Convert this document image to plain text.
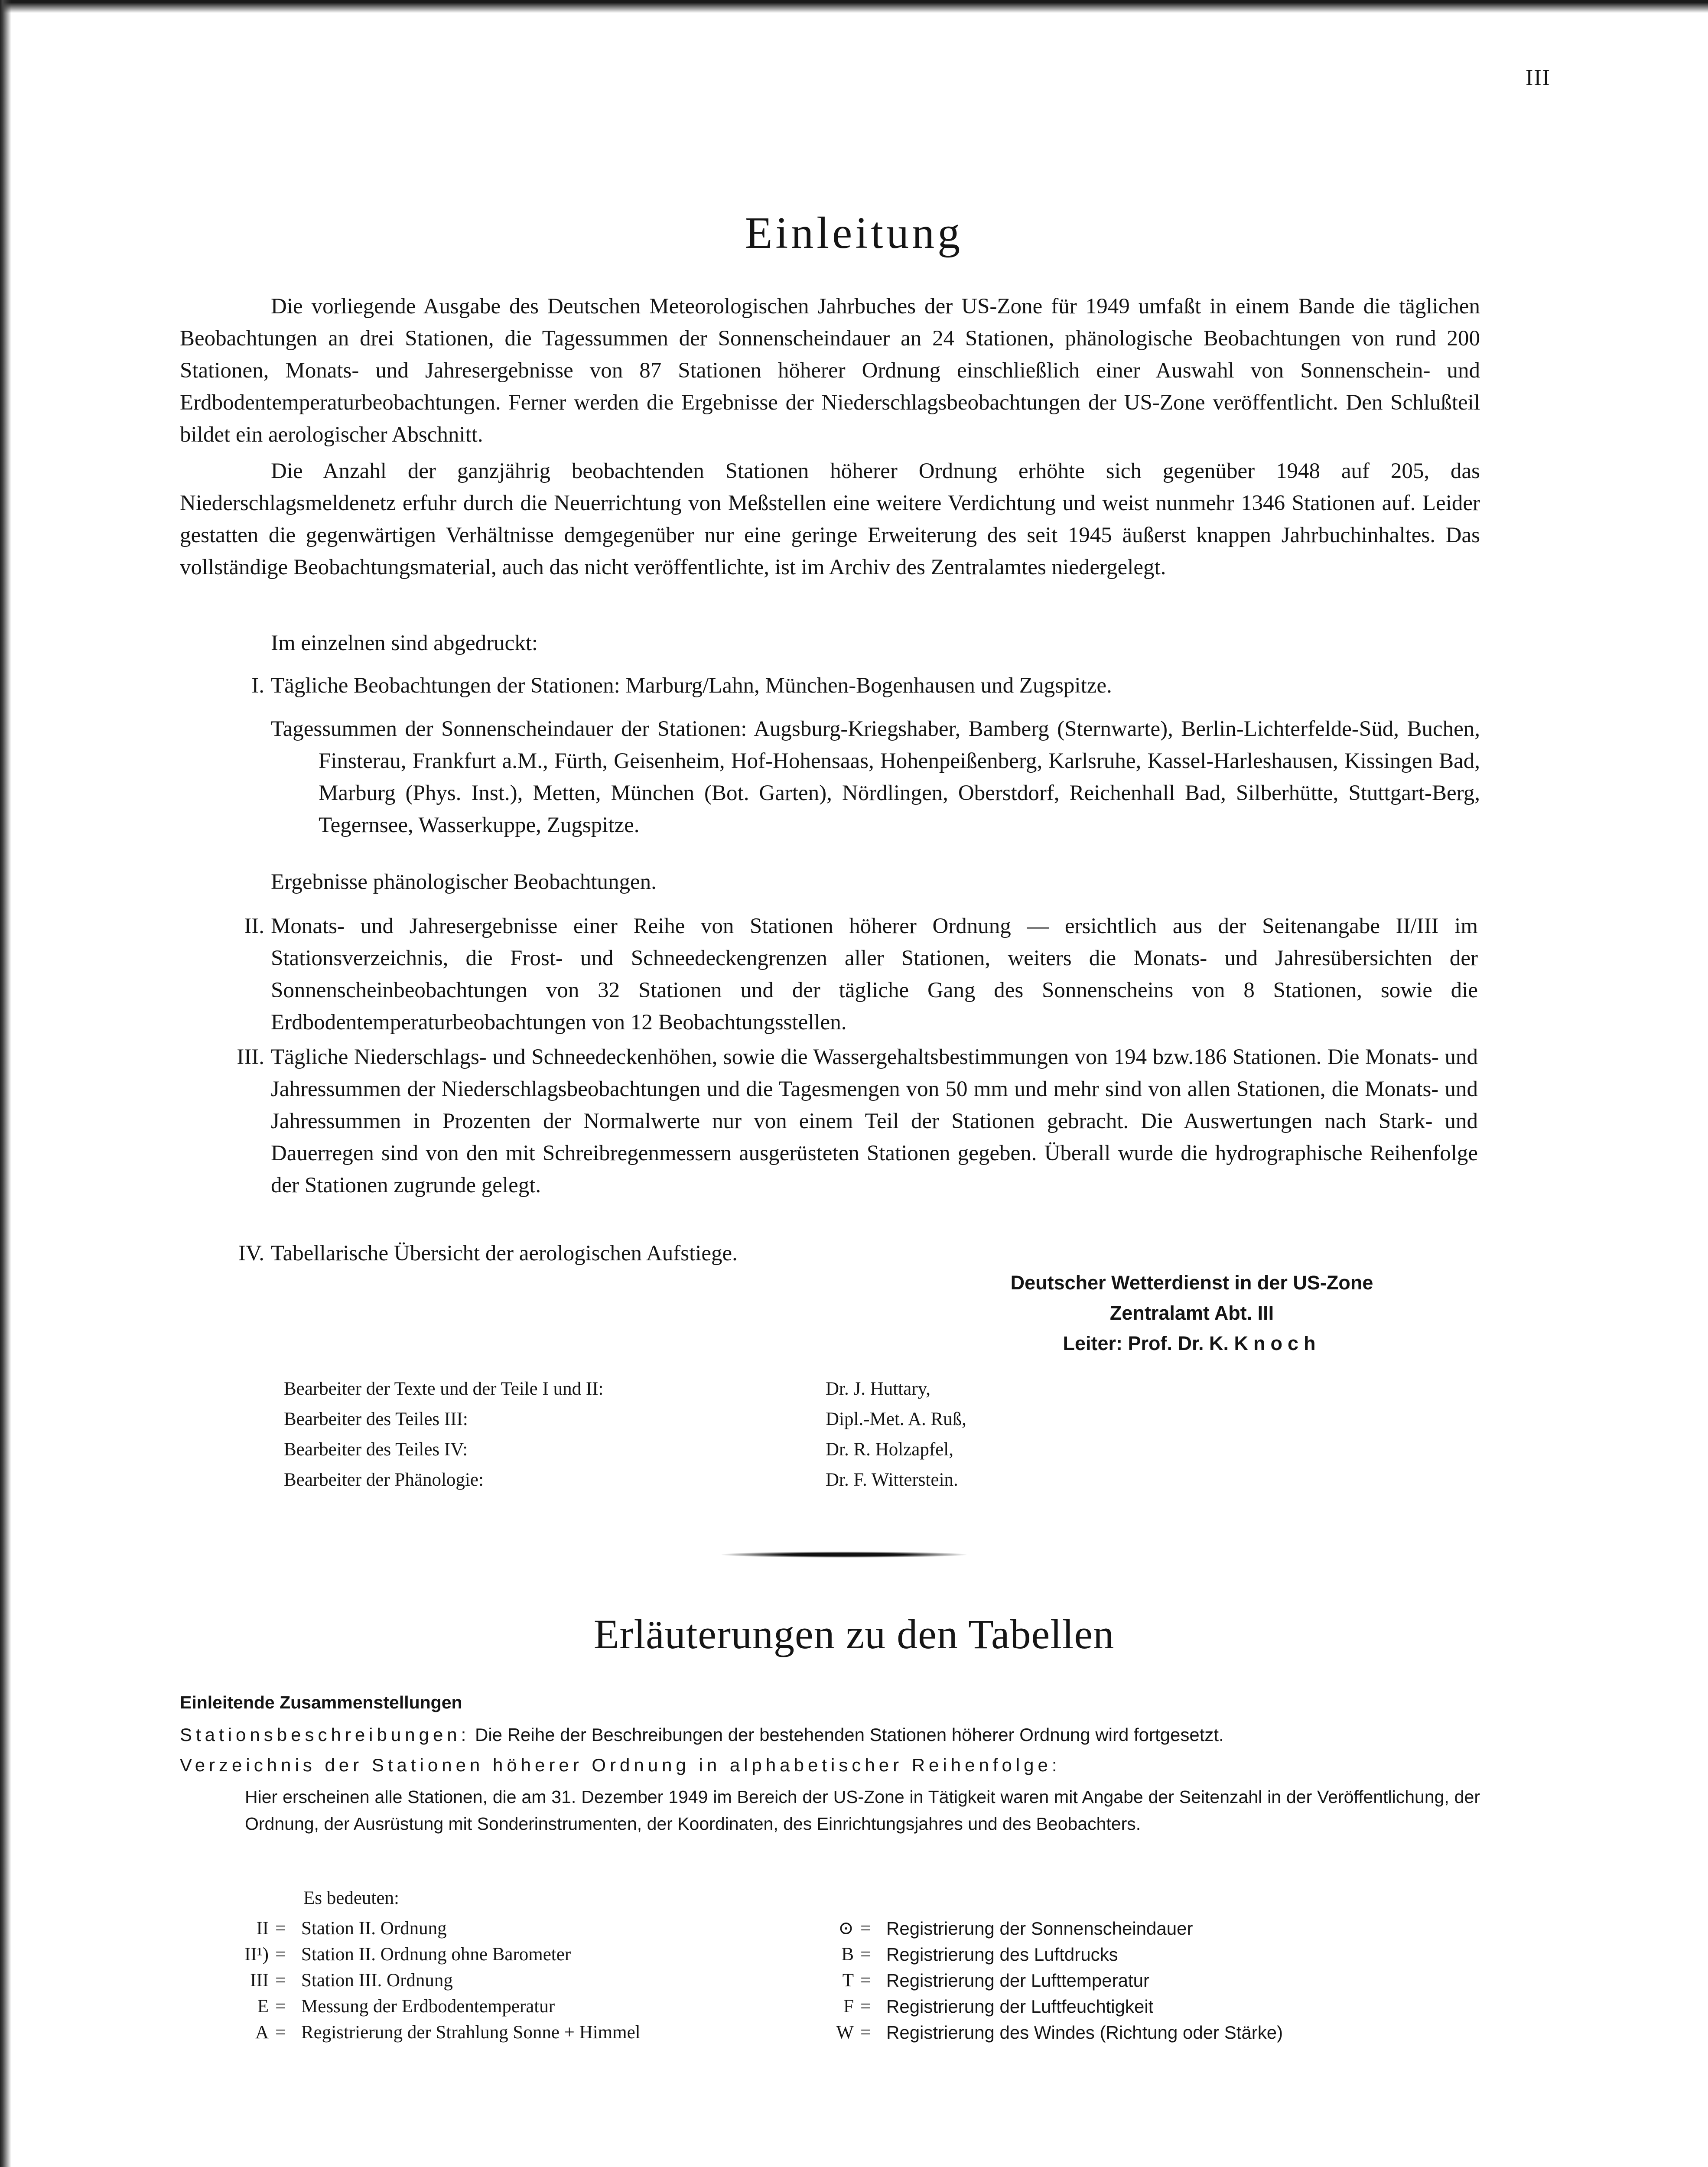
III
Einleitung

Die vorliegende Ausgabe des Deutschen Meteorologischen Jahrbuches der US-Zone für 1949 umfaßt in einem Bande die täglichen Beobachtungen an drei Stationen, die Tagessummen der Sonnenscheindauer an 24 Stationen, phänologische Beobachtungen von rund 200 Stationen, Monats- und Jahresergebnisse von 87 Stationen höherer Ordnung einschließlich einer Auswahl von Sonnenschein- und Erdbodentemperaturbeobachtungen. Ferner werden die Ergebnisse der Niederschlagsbeobachtungen der US-Zone veröffentlicht. Den Schlußteil bildet ein aerologischer Abschnitt.

Die Anzahl der ganzjährig beobachtenden Stationen höherer Ordnung erhöhte sich gegenüber 1948 auf 205, das Niederschlagsmeldenetz erfuhr durch die Neuerrichtung von Meßstellen eine weitere Verdichtung und weist nunmehr 1346 Stationen auf. Leider gestatten die gegenwärtigen Verhältnisse demgegenüber nur eine geringe Erweiterung des seit 1945 äußerst knappen Jahrbuchinhaltes. Das vollständige Beobachtungsmaterial, auch das nicht veröffentlichte, ist im Archiv des Zentralamtes niedergelegt.

Im einzelnen sind abgedruckt:

I. Tägliche Beobachtungen der Stationen: Marburg/Lahn, München-Bogenhausen und Zugspitze.

Tagessummen der Sonnenscheindauer der Stationen: Augsburg-Kriegshaber, Bamberg (Sternwarte), Berlin-Lichterfelde-Süd, Buchen, Finsterau, Frankfurt a.M., Fürth, Geisenheim, Hof-Hohensaas, Hohenpeißenberg, Karlsruhe, Kassel-Harleshausen, Kissingen Bad, Marburg (Phys. Inst.), Metten, München (Bot. Garten), Nördlingen, Oberstdorf, Reichenhall Bad, Silberhütte, Stuttgart-Berg, Tegernsee, Wasserkuppe, Zugspitze.

Ergebnisse phänologischer Beobachtungen.
II. Monats- und Jahresergebnisse einer Reihe von Stationen höherer Ordnung — ersichtlich aus der Seitenangabe II/III im Stationsverzeichnis, die Frost- und Schneedeckengrenzen aller Stationen, weiters die Monats- und Jahresübersichten der Sonnenscheinbeobachtungen von 32 Stationen und der tägliche Gang des Sonnenscheins von 8 Stationen, sowie die Erdbodentemperaturbeobachtungen von 12 Beobachtungsstellen.
III. Tägliche Niederschlags- und Schneedeckenhöhen, sowie die Wassergehaltsbestimmungen von 194 bzw.186 Stationen. Die Monats- und Jahressummen der Niederschlagsbeobachtungen und die Tagesmengen von 50 mm und mehr sind von allen Stationen, die Monats- und Jahressummen in Prozenten der Normalwerte nur von einem Teil der Stationen gebracht. Die Auswertungen nach Stark- und Dauerregen sind von den mit Schreibregenmessern ausgerüsteten Stationen gegeben. Überall wurde die hydrographische Reihenfolge der Stationen zugrunde gelegt.
IV. Tabellarische Übersicht der aerologischen Aufstiege.
Deutscher Wetterdienst in der US-Zone
Zentralamt Abt. III
Leiter: Prof. Dr. K. Knoch
Bearbeiter der Texte und der Teile I und II:	Dr. J. Huttary,
Bearbeiter des Teiles III:	Dipl.-Met. A. Ruß,
Bearbeiter des Teiles IV:	Dr. R. Holzapfel,
Bearbeiter der Phänologie:	Dr. F. Witterstein.
Erläuterungen zu den Tabellen
Einleitende Zusammenstellungen

Stationsbeschreibungen: Die Reihe der Beschreibungen der bestehenden Stationen höherer Ordnung wird fortgesetzt.

Verzeichnis der Stationen höherer Ordnung in alphabetischer Reihenfolge:

Hier erscheinen alle Stationen, die am 31. Dezember 1949 im Bereich der US-Zone in Tätigkeit waren mit Angabe der Seitenzahl in der Veröffentlichung, der Ordnung, der Ausrüstung mit Sonderinstrumenten, der Koordinaten, des Einrichtungsjahres und des Beobachters.

Es bedeuten:

II = Station II. Ordnung
II¹) = Station II. Ordnung ohne Barometer
III = Station III. Ordnung
E = Messung der Erdbodentemperatur
A = Registrierung der Strahlung Sonne + Himmel
⊙ = Registrierung der Sonnenscheindauer
B = Registrierung des Luftdrucks
T = Registrierung der Lufttemperatur
F = Registrierung der Luftfeuchtigkeit
W = Registrierung des Windes (Richtung oder Stärke)
